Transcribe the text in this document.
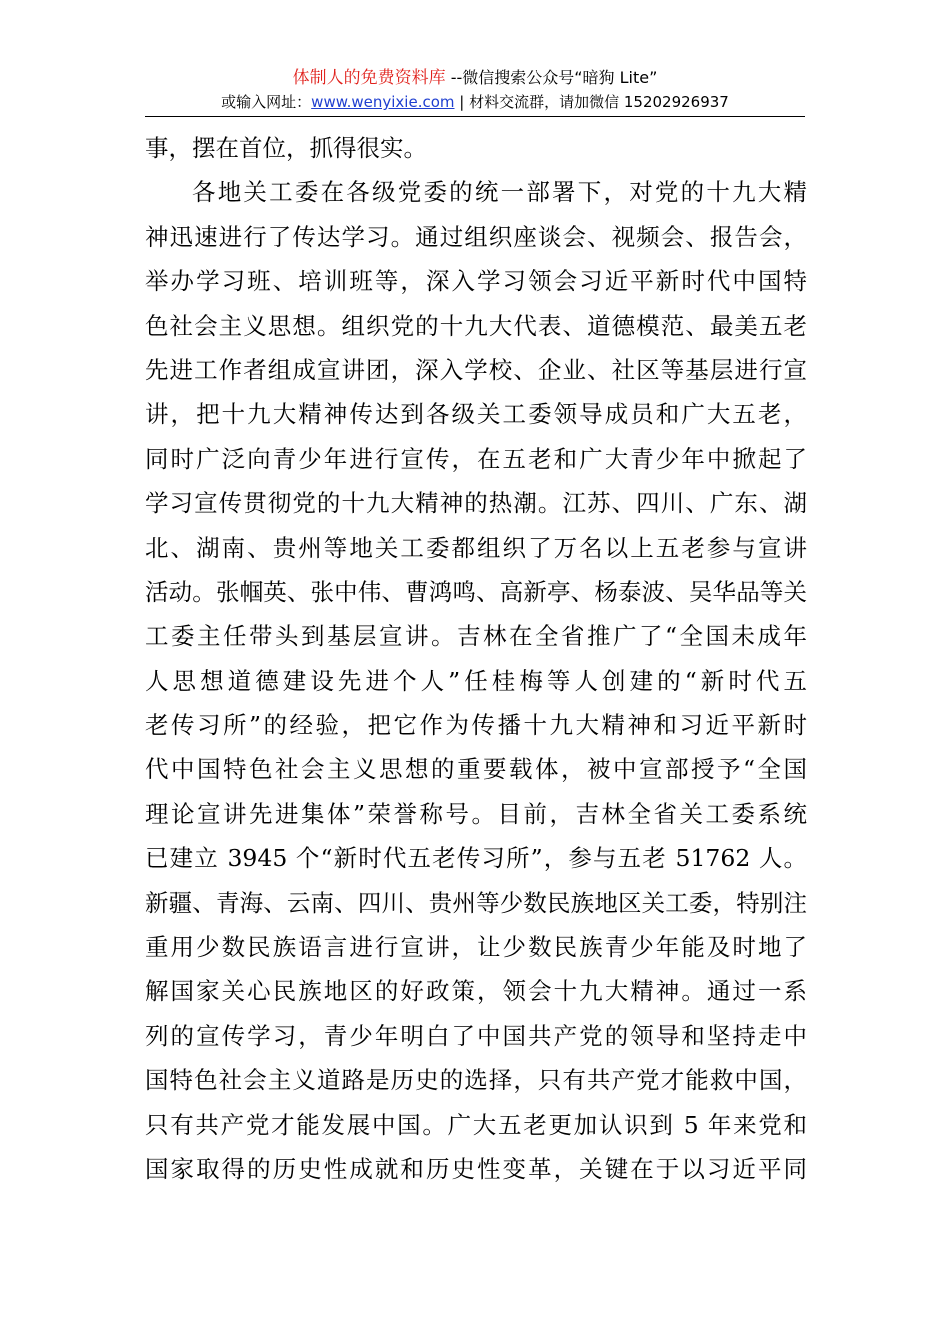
体制人的免费资料库 --微信搜索公众号“暗狗 Lite”
或输入网址：www.wenyixie.com | 材料交流群，请加微信 15202926937
事，摆在首位，抓得很实。
各地关工委在各级党委的统一部署下，对党的十九大精
神迅速进行了传达学习。通过组织座谈会、视频会、报告会，
举办学习班、培训班等，深入学习领会习近平新时代中国特
色社会主义思想。组织党的十九大代表、道德模范、最美五老
先进工作者组成宣讲团，深入学校、企业、社区等基层进行宣
讲，把十九大精神传达到各级关工委领导成员和广大五老，
同时广泛向青少年进行宣传，在五老和广大青少年中掀起了
学习宣传贯彻党的十九大精神的热潮。江苏、四川、广东、湖
北、湖南、贵州等地关工委都组织了万名以上五老参与宣讲
活动。张帼英、张中伟、曹鸿鸣、高新亭、杨泰波、吴华品等关
工委主任带头到基层宣讲。吉林在全省推广了“全国未成年
人思想道德建设先进个人”任桂梅等人创建的“新时代五
老传习所”的经验，把它作为传播十九大精神和习近平新时
代中国特色社会主义思想的重要载体，被中宣部授予“全国
理论宣讲先进集体”荣誉称号。目前，吉林全省关工委系统
已建立 3945 个“新时代五老传习所”，参与五老 51762 人。
新疆、青海、云南、四川、贵州等少数民族地区关工委，特别注
重用少数民族语言进行宣讲，让少数民族青少年能及时地了
解国家关心民族地区的好政策，领会十九大精神。通过一系
列的宣传学习，青少年明白了中国共产党的领导和坚持走中
国特色社会主义道路是历史的选择，只有共产党才能救中国，
只有共产党才能发展中国。广大五老更加认识到 5 年来党和
国家取得的历史性成就和历史性变革，关键在于以习近平同
